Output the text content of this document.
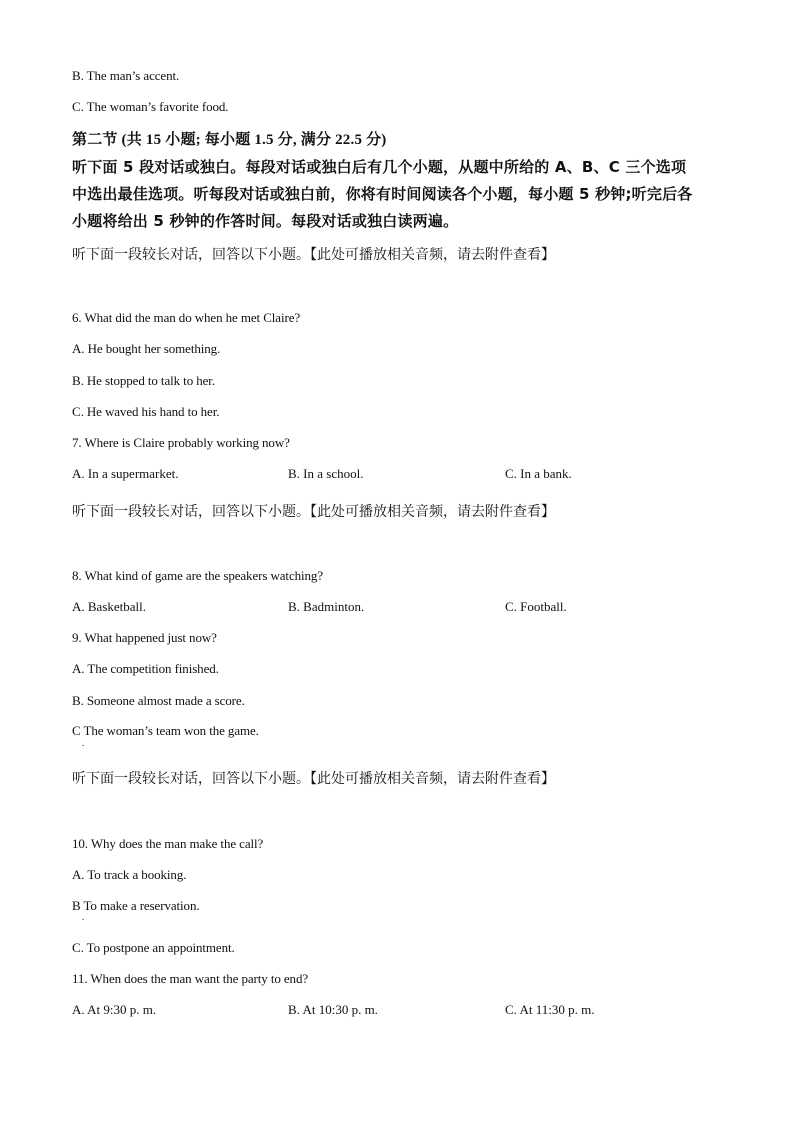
B. The man’s accent.
C. The woman’s favorite food.
第二节 (共 15 小题; 每小题 1.5 分, 满分 22.5 分)
听下面 5 段对话或独白。每段对话或独白后有几个小题，从题中所给的 A、B、C 三个选项
中选出最佳选项。听每段对话或独白前，你将有时间阅读各个小题，每小题 5 秒钟;听完后各
小题将给出 5 秒钟的作答时间。每段对话或独白读两遍。
听下面一段较长对话，回答以下小题。【此处可播放相关音频，请去附件查看】
6. What did the man do when he met Claire?
A. He bought her something.
B. He stopped to talk to her.
C. He waved his hand to her.
7. Where is Claire probably working now?
A. In a supermarket.	B. In a school.	C. In a bank.
听下面一段较长对话，回答以下小题。【此处可播放相关音频，请去附件查看】
8. What kind of game are the speakers watching?
A. Basketball.	B. Badminton.	C. Football.
9. What happened just now?
A. The competition finished.
B. Someone almost made a score.
C The woman’s team won the game.
.
听下面一段较长对话，回答以下小题。【此处可播放相关音频，请去附件查看】
10. Why does the man make the call?
A. To track a booking.
B To make a reservation.
.
C. To postpone an appointment.
11. When does the man want the party to end?
A. At 9:30 p. m.	B. At 10:30 p. m.	C. At 11:30 p. m.
